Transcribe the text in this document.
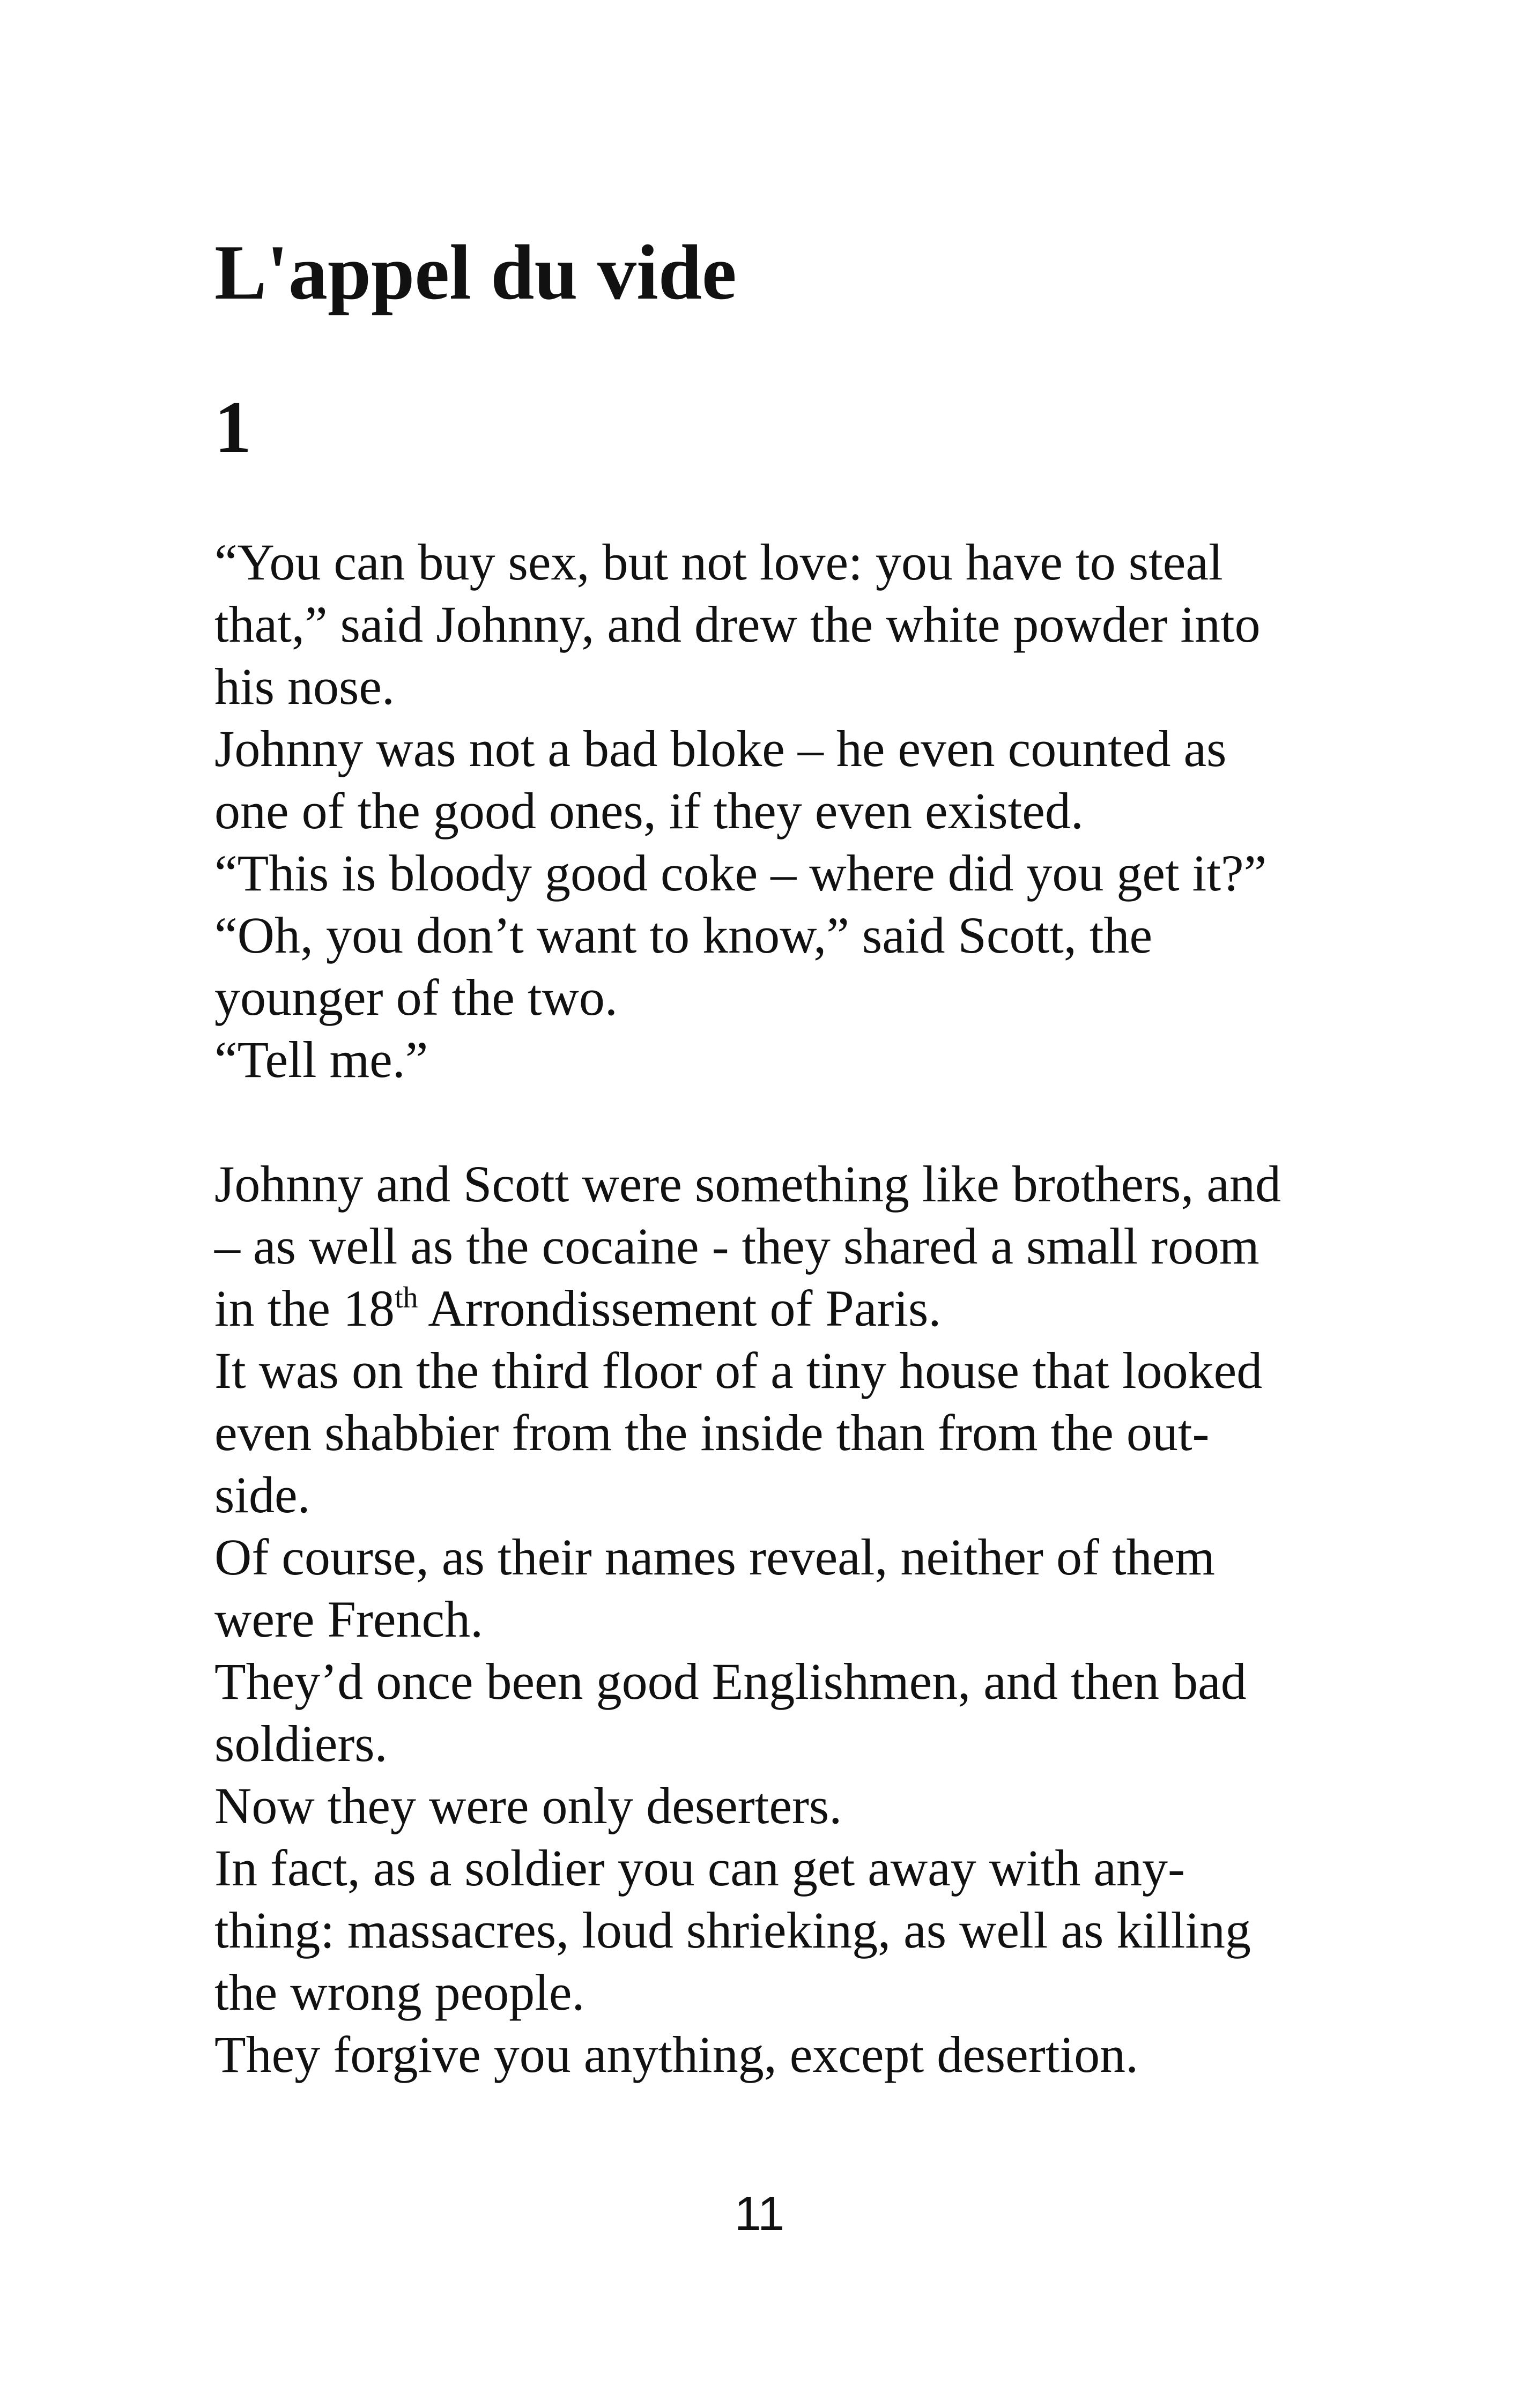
L'appel du vide
1
“You can buy sex, but not love: you have to steal
that,” said Johnny, and drew the white powder into
his nose.
Johnny was not a bad bloke – he even counted as
one of the good ones, if they even existed.
“This is bloody good coke – where did you get it?”
“Oh, you don’t want to know,” said Scott, the
younger of the two.
“Tell me.”
Johnny and Scott were something like brothers, and
– as well as the cocaine - they shared a small room
in the 18th Arrondissement of Paris.
It was on the third floor of a tiny house that looked
even shabbier from the inside than from the out-
side.
Of course, as their names reveal, neither of them
were French.
They’d once been good Englishmen, and then bad
soldiers.
Now they were only deserters.
In fact, as a soldier you can get away with any-
thing: massacres, loud shrieking, as well as killing
the wrong people.
They forgive you anything, except desertion.
11
